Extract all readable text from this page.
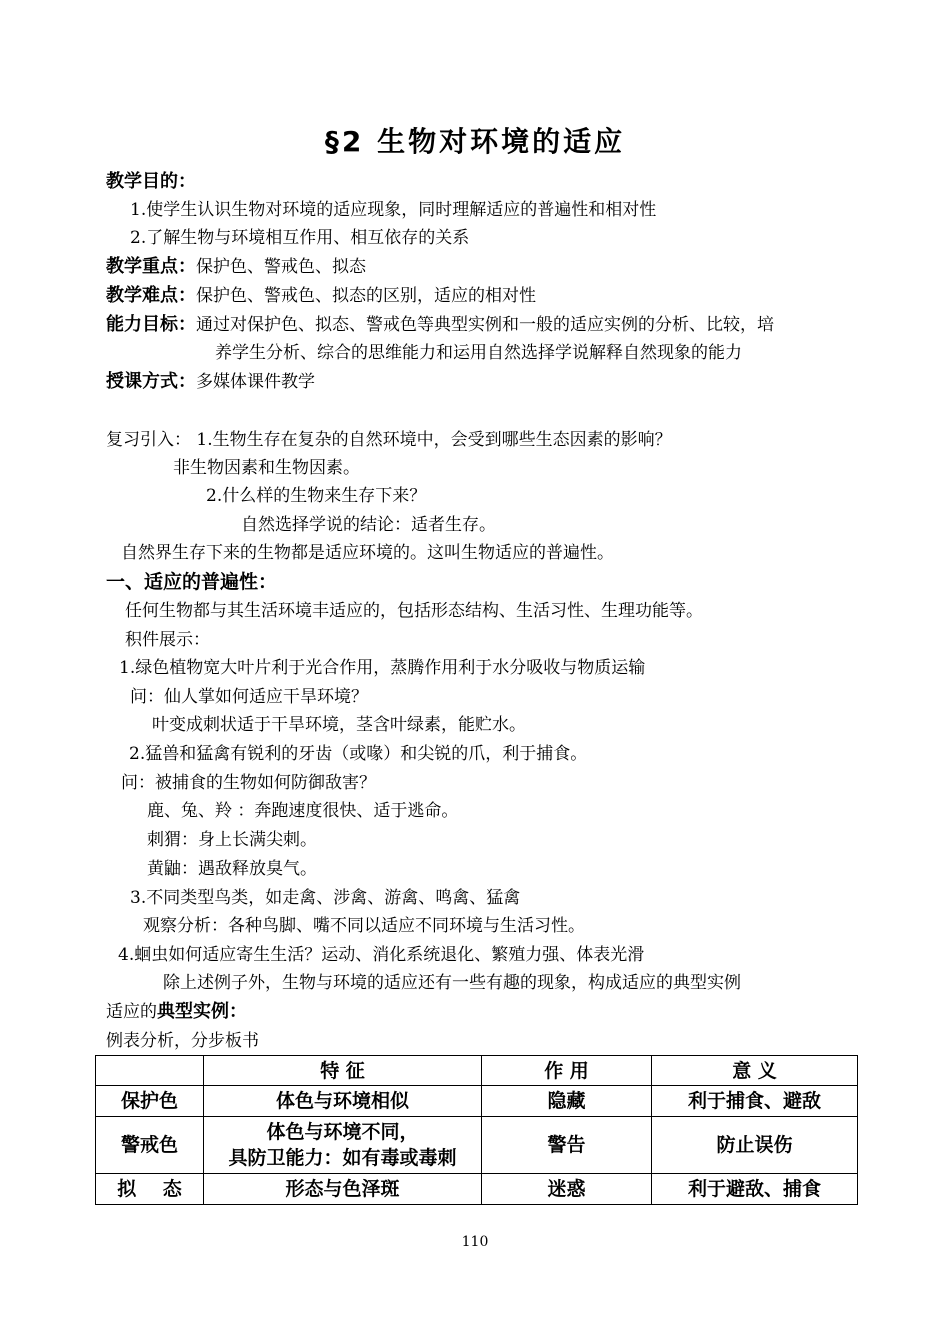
§2 生物对环境的适应
教学目的：
1.使学生认识生物对环境的适应现象，同时理解适应的普遍性和相对性
2.了解生物与环境相互作用、相互依存的关系
教学重点：保护色、警戒色、拟态
教学难点：保护色、警戒色、拟态的区别，适应的相对性
能力目标：通过对保护色、拟态、警戒色等典型实例和一般的适应实例的分析、比较，培
养学生分析、综合的思维能力和运用自然选择学说解释自然现象的能力
授课方式：多媒体课件教学
复习引入： 1.生物生存在复杂的自然环境中，会受到哪些生态因素的影响？
非生物因素和生物因素。
2.什么样的生物来生存下来？
自然选择学说的结论：适者生存。
自然界生存下来的生物都是适应环境的。这叫生物适应的普遍性。
一、适应的普遍性：
任何生物都与其生活环境丰适应的，包括形态结构、生活习性、生理功能等。
积件展示：
1.绿色植物宽大叶片利于光合作用，蒸腾作用利于水分吸收与物质运输
问：仙人掌如何适应干旱环境？
叶变成刺状适于干旱环境，茎含叶绿素，能贮水。
2.猛兽和猛禽有锐利的牙齿（或喙）和尖锐的爪，利于捕食。
问：被捕食的生物如何防御敌害？
鹿、兔、羚 ：奔跑速度很快、适于逃命。
刺猬：身上长满尖刺。
黄鼬：遇敌释放臭气。
3.不同类型鸟类，如走禽、涉禽、游禽、鸣禽、猛禽
观察分析：各种鸟脚、嘴不同以适应不同环境与生活习性。
4.蛔虫如何适应寄生生活？运动、消化系统退化、繁殖力强、体表光滑
除上述例子外，生物与环境的适应还有一些有趣的现象，构成适应的典型实例
适应的典型实例：
例表分析，分步板书
	特 征	作 用	意 义
保护色	体色与环境相似	隐藏	利于捕食、避敌
警戒色	体色与环境不同，
具防卫能力：如有毒或毒刺	警告	防止误伤
拟    态	形态与色泽斑	迷惑	利于避敌、捕食
110
